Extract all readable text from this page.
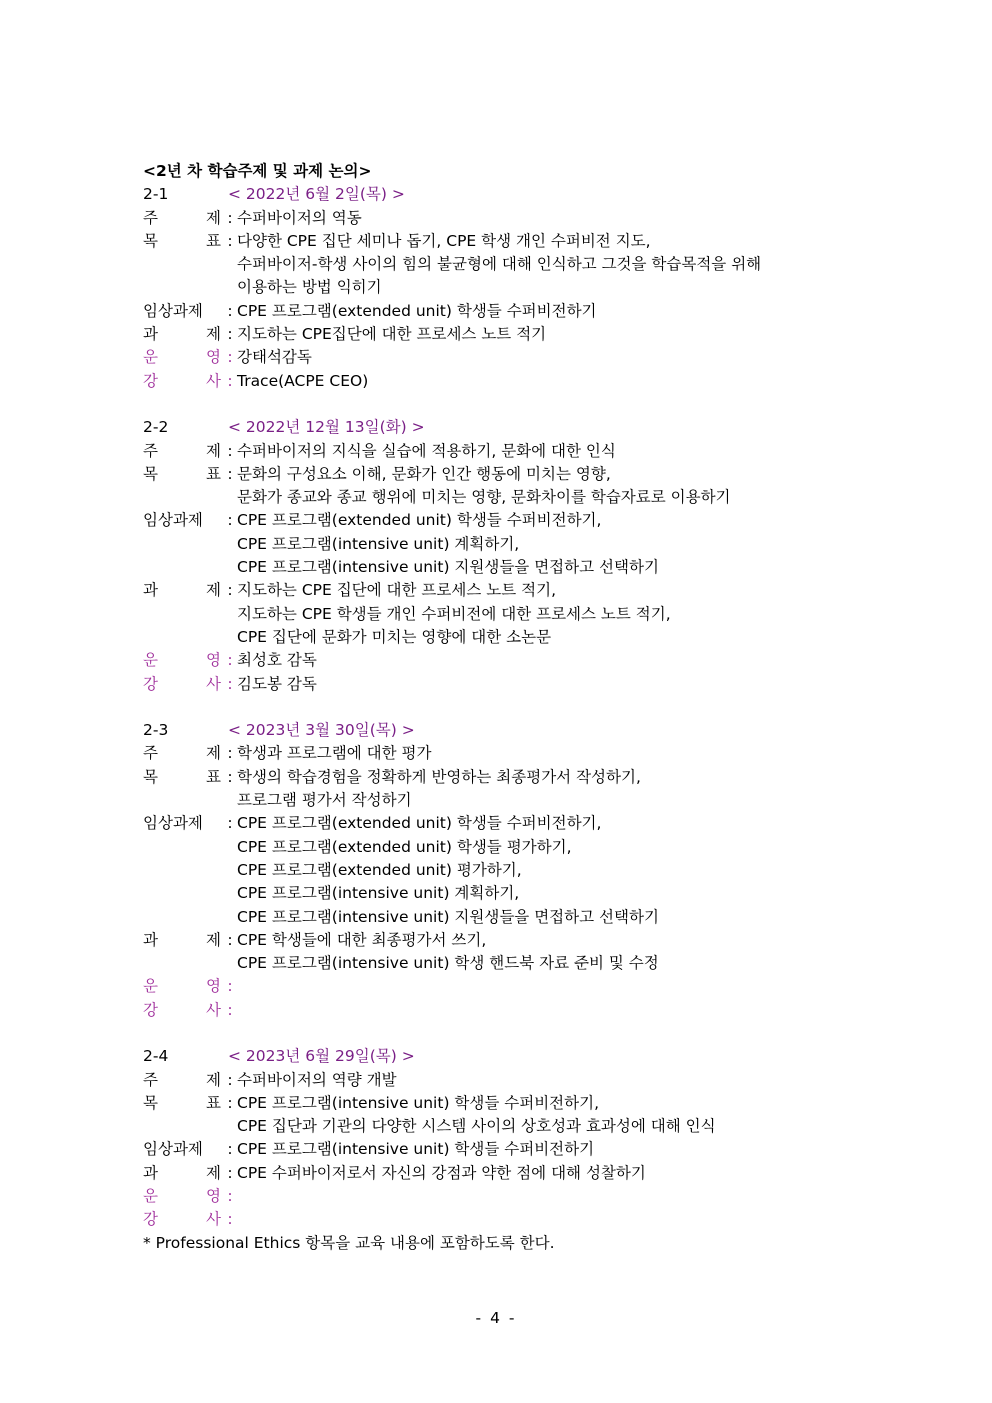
<2년 차 학습주제 및 과제 논의>
2-1	< 2022년 6월 2일(목) >
주	제 : 수퍼바이저의 역동
목	표 : 다양한 CPE 집단 세미나 돕기, CPE 학생 개인 수퍼비전 지도,
수퍼바이저-학생 사이의 힘의 불균형에 대해 인식하고 그것을 학습목적을 위해
이용하는 방법 익히기
임상과제 : CPE 프로그램(extended unit) 학생들 수퍼비전하기
과	제 : 지도하는 CPE집단에 대한 프로세스 노트 적기
운	영 : 강태석감독
강	사 : Trace(ACPE CEO)
2-2	< 2022년 12월 13일(화) >
주	제 : 수퍼바이저의 지식을 실습에 적용하기, 문화에 대한 인식
목	표 : 문화의 구성요소 이해, 문화가 인간 행동에 미치는 영향,
문화가 종교와 종교 행위에 미치는 영향, 문화차이를 학습자료로 이용하기
임상과제 : CPE 프로그램(extended unit) 학생들 수퍼비전하기,
CPE 프로그램(intensive unit) 계획하기,
CPE 프로그램(intensive unit) 지원생들을 면접하고 선택하기
과	제 : 지도하는 CPE 집단에 대한 프로세스 노트 적기,
지도하는 CPE 학생들 개인 수퍼비전에 대한 프로세스 노트 적기,
CPE 집단에 문화가 미치는 영향에 대한 소논문
운	영 : 최성호 감독
강	사 : 김도봉 감독
2-3	< 2023년 3월 30일(목) >
주	제 : 학생과 프로그램에 대한 평가
목	표 : 학생의 학습경험을 정확하게 반영하는 최종평가서 작성하기,
프로그램 평가서 작성하기
임상과제 : CPE 프로그램(extended unit) 학생들 수퍼비전하기,
CPE 프로그램(extended unit) 학생들 평가하기,
CPE 프로그램(extended unit) 평가하기,
CPE 프로그램(intensive unit) 계획하기,
CPE 프로그램(intensive unit) 지원생들을 면접하고 선택하기
과	제 : CPE 학생들에 대한 최종평가서 쓰기,
CPE 프로그램(intensive unit) 학생 핸드북 자료 준비 및 수정
운	영 :
강	사 :
2-4	< 2023년 6월 29일(목) >
주	제 : 수퍼바이저의 역량 개발
목	표 : CPE 프로그램(intensive unit) 학생들 수퍼비전하기,
CPE 집단과 기관의 다양한 시스템 사이의 상호성과 효과성에 대해 인식
임상과제 : CPE 프로그램(intensive unit) 학생들 수퍼비전하기
과	제 : CPE 수퍼바이저로서 자신의 강점과 약한 점에 대해 성찰하기
운	영 :
강	사 :
* Professional Ethics 항목을 교육 내용에 포함하도록 한다.
- 4 -
